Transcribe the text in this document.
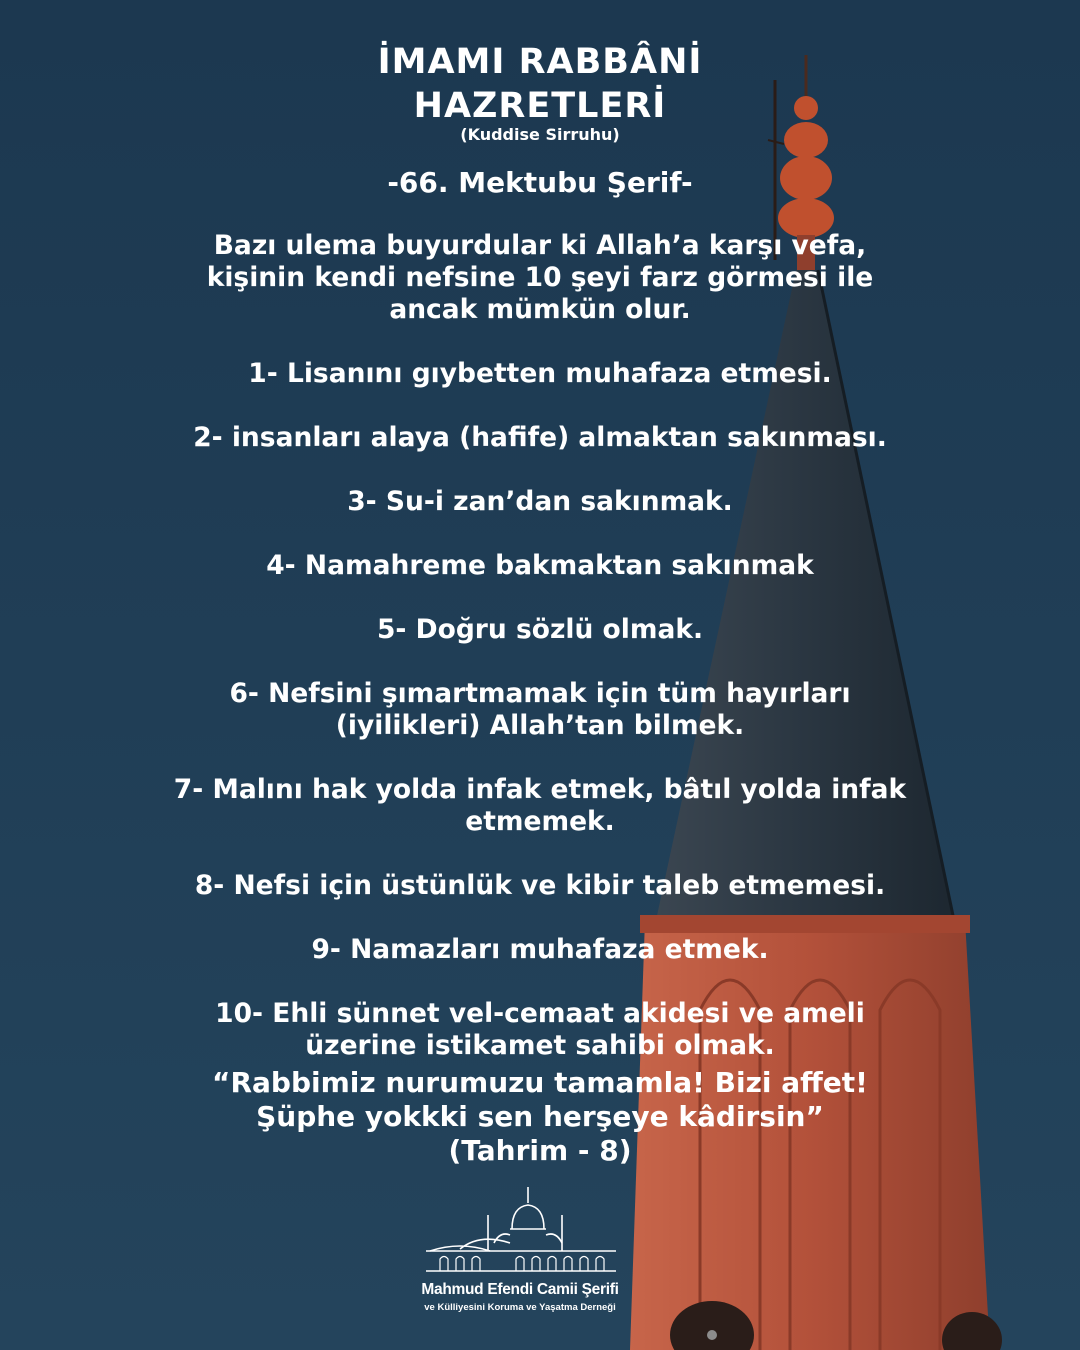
İMAMI RABBÂNİ
HAZRETLERİ
(Kuddise Sirruhu)
-66. Mektubu Şerif-

Bazı ulema buyurdular ki Allah’a karşı vefa,
kişinin kendi nefsine 10 şeyi farz görmesi ile
ancak mümkün olur.

1- Lisanını gıybetten muhafaza etmesi.

2- insanları alaya (hafife) almaktan sakınması.

3- Su-i zan’dan sakınmak.

4- Namahreme bakmaktan sakınmak

5- Doğru sözlü olmak.

6- Nefsini şımartmamak için tüm hayırları
(iyilikleri) Allah’tan bilmek.

7- Malını hak yolda infak etmek, bâtıl yolda infak
etmemek.

8- Nefsi için üstünlük ve kibir taleb etmemesi.

9- Namazları muhafaza etmek.

10- Ehli sünnet vel-cemaat akidesi ve ameli
üzerine istikamet sahibi olmak.

“Rabbimiz nurumuzu tamamla! Bizi affet!
Şüphe yokkki sen herşeye kâdirsin”
(Tahrim - 8)
Mahmud Efendi Camii Şerifi
ve Külliyesini Koruma ve Yaşatma Derneği
